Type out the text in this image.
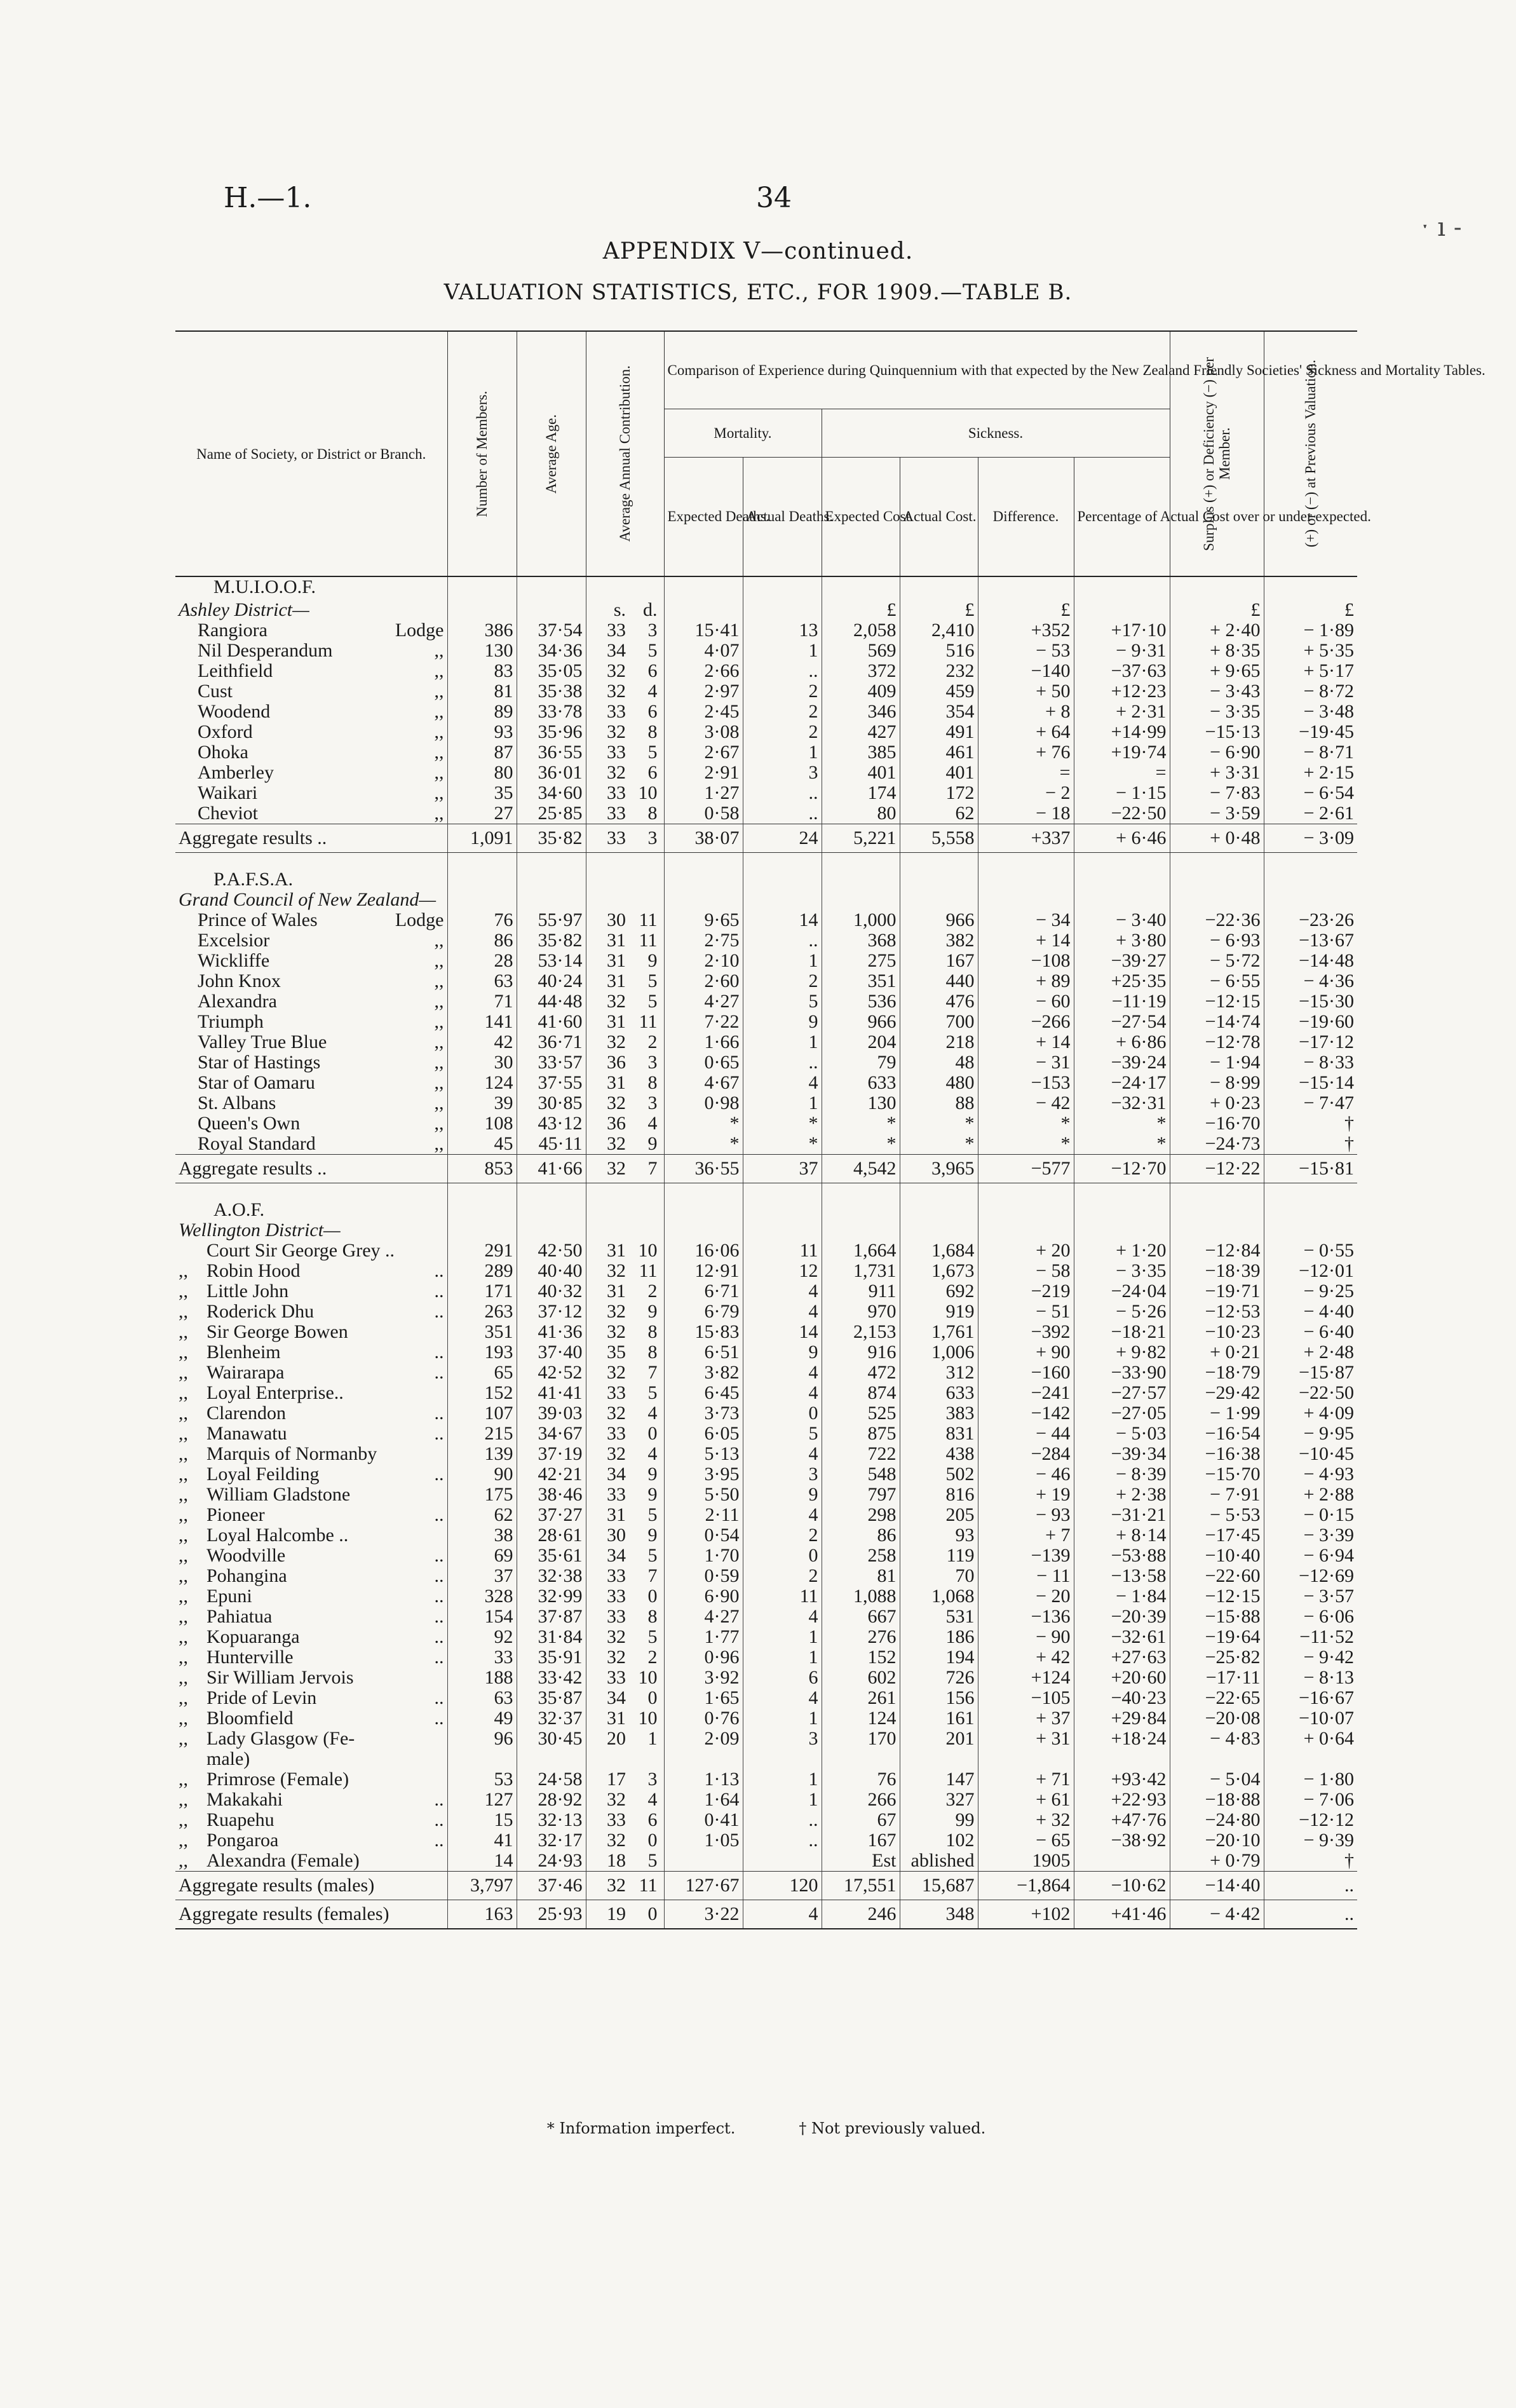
H.—1.	34
APPENDIX V—continued.
VALUATION STATISTICS, ETC., FOR 1909.—TABLE B.
ˑ ı ˗
Name of Society, or District or Branch.	Number of Members.	Average Age.	Average Annual Contribution.		Comparison of Experience during Quinquennium with that expected by the New Zealand Friendly Societies' Sickness and Mortality Tables.						Surplus (+) or Deficiency (−) per Member.	(+) or (−) at Previous Valuation.

					Mortality.		Sickness.					
					Expected Deaths.	Actual Deaths.	Expected Cost.	Actual Cost.	Difference.	Percentage of Actual Cost over or under expected.		
M.U.I.O.O.F.												
Ashley District—			s.	d.			£	£	£		£	£

Rangiora Lodge	386	37·54	33	3	15·41	13	2,058	2,410	+352	+17·10	+ 2·40	− 1·89

Nil Desperandum ,,	130	34·36	34	5	4·07	1	569	516	− 53	− 9·31	+ 8·35	+ 5·35

Leithfield ,,	83	35·05	32	6	2·66	..	372	232	−140	−37·63	+ 9·65	+ 5·17

Cust ,,	81	35·38	32	4	2·97	2	409	459	+ 50	+12·23	− 3·43	− 8·72

Woodend ,,	89	33·78	33	6	2·45	2	346	354	+ 8	+ 2·31	− 3·35	− 3·48

Oxford ,,	93	35·96	32	8	3·08	2	427	491	+ 64	+14·99	−15·13	−19·45

Ohoka ,,	87	36·55	33	5	2·67	1	385	461	+ 76	+19·74	− 6·90	− 8·71

Amberley ,,	80	36·01	32	6	2·91	3	401	401	=	=	+ 3·31	+ 2·15

Waikari ,,	35	34·60	33	10	1·27	..	174	172	− 2	− 1·15	− 7·83	− 6·54

Cheviot ,,	27	25·85	33	8	0·58	..	80	62	− 18	−22·50	− 3·59	− 2·61
Aggregate results ..	1,091	35·82	33	3	38·07	24	5,221	5,558	+337	+ 6·46	+ 0·48	− 3·09

P.A.F.S.A.												
Grand Council of New Zealand—												

Prince of Wales Lodge	76	55·97	30	11	9·65	14	1,000	966	− 34	− 3·40	−22·36	−23·26

Excelsior ,,	86	35·82	31	11	2·75	..	368	382	+ 14	+ 3·80	− 6·93	−13·67

Wickliffe ,,	28	53·14	31	9	2·10	1	275	167	−108	−39·27	− 5·72	−14·48

John Knox ,,	63	40·24	31	5	2·60	2	351	440	+ 89	+25·35	− 6·55	− 4·36

Alexandra ,,	71	44·48	32	5	4·27	5	536	476	− 60	−11·19	−12·15	−15·30

Triumph ,,	141	41·60	31	11	7·22	9	966	700	−266	−27·54	−14·74	−19·60

Valley True Blue ,,	42	36·71	32	2	1·66	1	204	218	+ 14	+ 6·86	−12·78	−17·12

Star of Hastings ,,	30	33·57	36	3	0·65	..	79	48	− 31	−39·24	− 1·94	− 8·33

Star of Oamaru ,,	124	37·55	31	8	4·67	4	633	480	−153	−24·17	− 8·99	−15·14

St. Albans ,,	39	30·85	32	3	0·98	1	130	88	− 42	−32·31	+ 0·23	− 7·47

Queen's Own ,,	108	43·12	36	4	*	*	*	*	*	*	−16·70	†

Royal Standard ,,	45	45·11	32	9	*	*	*	*	*	*	−24·73	†
Aggregate results ..	853	41·66	32	7	36·55	37	4,542	3,965	−577	−12·70	−12·22	−15·81

A.O.F.												
Wellington District—												

Court Sir George Grey ..	291	42·50	31	10	16·06	11	1,664	1,684	+ 20	+ 1·20	−12·84	− 0·55

,, Robin Hood ..	289	40·40	32	11	12·91	12	1,731	1,673	− 58	− 3·35	−18·39	−12·01

,, Little John ..	171	40·32	31	2	6·71	4	911	692	−219	−24·04	−19·71	− 9·25

,, Roderick Dhu ..	263	37·12	32	9	6·79	4	970	919	− 51	− 5·26	−12·53	− 4·40

,, Sir George Bowen	351	41·36	32	8	15·83	14	2,153	1,761	−392	−18·21	−10·23	− 6·40

,, Blenheim ..	193	37·40	35	8	6·51	9	916	1,006	+ 90	+ 9·82	+ 0·21	+ 2·48

,, Wairarapa ..	65	42·52	32	7	3·82	4	472	312	−160	−33·90	−18·79	−15·87

,, Loyal Enterprise..	152	41·41	33	5	6·45	4	874	633	−241	−27·57	−29·42	−22·50

,, Clarendon ..	107	39·03	32	4	3·73	0	525	383	−142	−27·05	− 1·99	+ 4·09

,, Manawatu ..	215	34·67	33	0	6·05	5	875	831	− 44	− 5·03	−16·54	− 9·95

,, Marquis of Normanby	139	37·19	32	4	5·13	4	722	438	−284	−39·34	−16·38	−10·45

,, Loyal Feilding ..	90	42·21	34	9	3·95	3	548	502	− 46	− 8·39	−15·70	− 4·93

,, William Gladstone	175	38·46	33	9	5·50	9	797	816	+ 19	+ 2·38	− 7·91	+ 2·88

,, Pioneer ..	62	37·27	31	5	2·11	4	298	205	− 93	−31·21	− 5·53	− 0·15

,, Loyal Halcombe ..	38	28·61	30	9	0·54	2	86	93	+ 7	+ 8·14	−17·45	− 3·39

,, Woodville ..	69	35·61	34	5	1·70	0	258	119	−139	−53·88	−10·40	− 6·94

,, Pohangina ..	37	32·38	33	7	0·59	2	81	70	− 11	−13·58	−22·60	−12·69

,, Epuni ..	328	32·99	33	0	6·90	11	1,088	1,068	− 20	− 1·84	−12·15	− 3·57

,, Pahiatua ..	154	37·87	33	8	4·27	4	667	531	−136	−20·39	−15·88	− 6·06

,, Kopuaranga ..	92	31·84	32	5	1·77	1	276	186	− 90	−32·61	−19·64	−11·52

,, Hunterville ..	33	35·91	32	2	0·96	1	152	194	+ 42	+27·63	−25·82	− 9·42

,, Sir William Jervois	188	33·42	33	10	3·92	6	602	726	+124	+20·60	−17·11	− 8·13

,, Pride of Levin ..	63	35·87	34	0	1·65	4	261	156	−105	−40·23	−22·65	−16·67

,, Bloomfield ..	49	32·37	31	10	0·76	1	124	161	+ 37	+29·84	−20·08	−10·07

,, Lady Glasgow (Fe-	96	30·45	20	1	2·09	3	170	201	+ 31	+18·24	− 4·83	+ 0·64

male)												

,, Primrose (Female)	53	24·58	17	3	1·13	1	76	147	+ 71	+93·42	− 5·04	− 1·80

,, Makakahi ..	127	28·92	32	4	1·64	1	266	327	+ 61	+22·93	−18·88	− 7·06

,, Ruapehu ..	15	32·13	33	6	0·41	..	67	99	+ 32	+47·76	−24·80	−12·12

,, Pongaroa ..	41	32·17	32	0	1·05	..	167	102	− 65	−38·92	−20·10	− 9·39

,, Alexandra (Female)	14	24·93	18	5			Est	ablished	1905		+ 0·79	†
Aggregate results (males)	3,797	37·46	32	11	127·67	120	17,551	15,687	−1,864	−10·62	−14·40	..
Aggregate results (females)	163	25·93	19	0	3·22	4	246	348	+102	+41·46	− 4·42	..
* Information imperfect.	† Not previously valued.
